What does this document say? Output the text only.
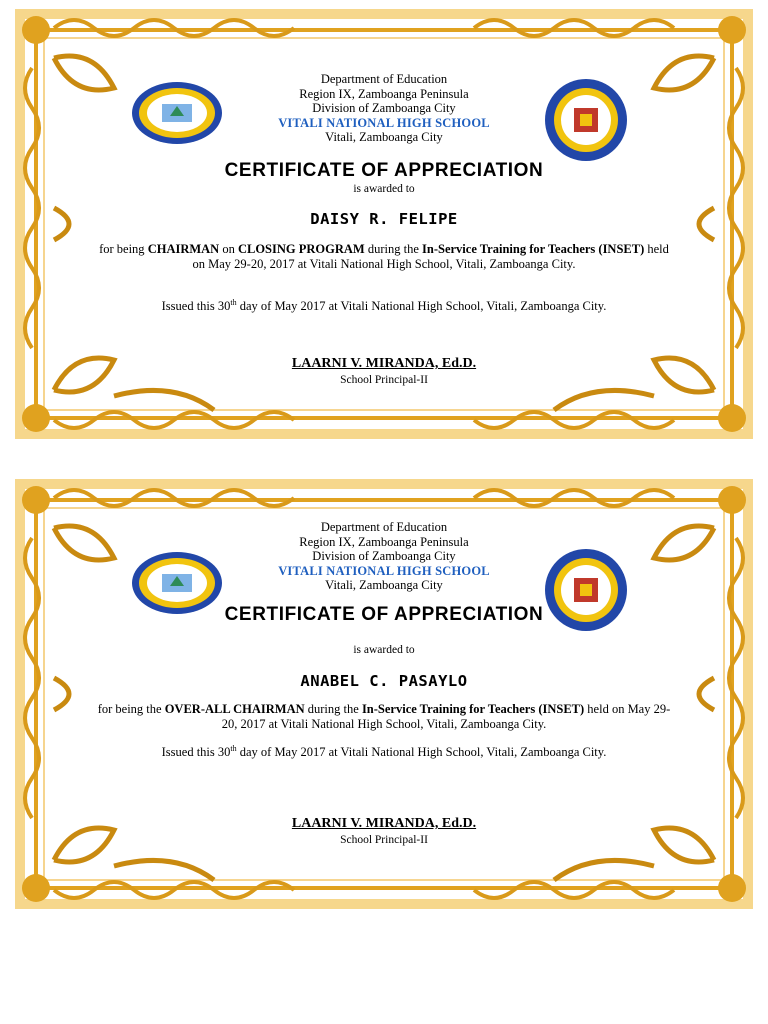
Department of Education
Region IX, Zamboanga Peninsula
Division of Zamboanga City
VITALI NATIONAL HIGH SCHOOL
Vitali, Zamboanga City
CERTIFICATE OF APPRECIATION
is awarded to
DAISY R. FELIPE
for being CHAIRMAN on CLOSING PROGRAM during the In-Service Training for Teachers (INSET) held on May 29-20, 2017 at Vitali National High School, Vitali, Zamboanga City.
Issued this 30th day of May 2017 at Vitali National High School, Vitali, Zamboanga City.
LAARNI V. MIRANDA, Ed.D.
School Principal-II
Department of Education
Region IX, Zamboanga Peninsula
Division of Zamboanga City
VITALI NATIONAL HIGH SCHOOL
Vitali, Zamboanga City
CERTIFICATE OF APPRECIATION
is awarded to
ANABEL C. PASAYLO
for being the OVER-ALL CHAIRMAN during the In-Service Training for Teachers (INSET) held on May 29-20, 2017 at Vitali National High School, Vitali, Zamboanga City.
Issued this 30th day of May 2017 at Vitali National High School, Vitali, Zamboanga City.
LAARNI V. MIRANDA, Ed.D.
School Principal-II
